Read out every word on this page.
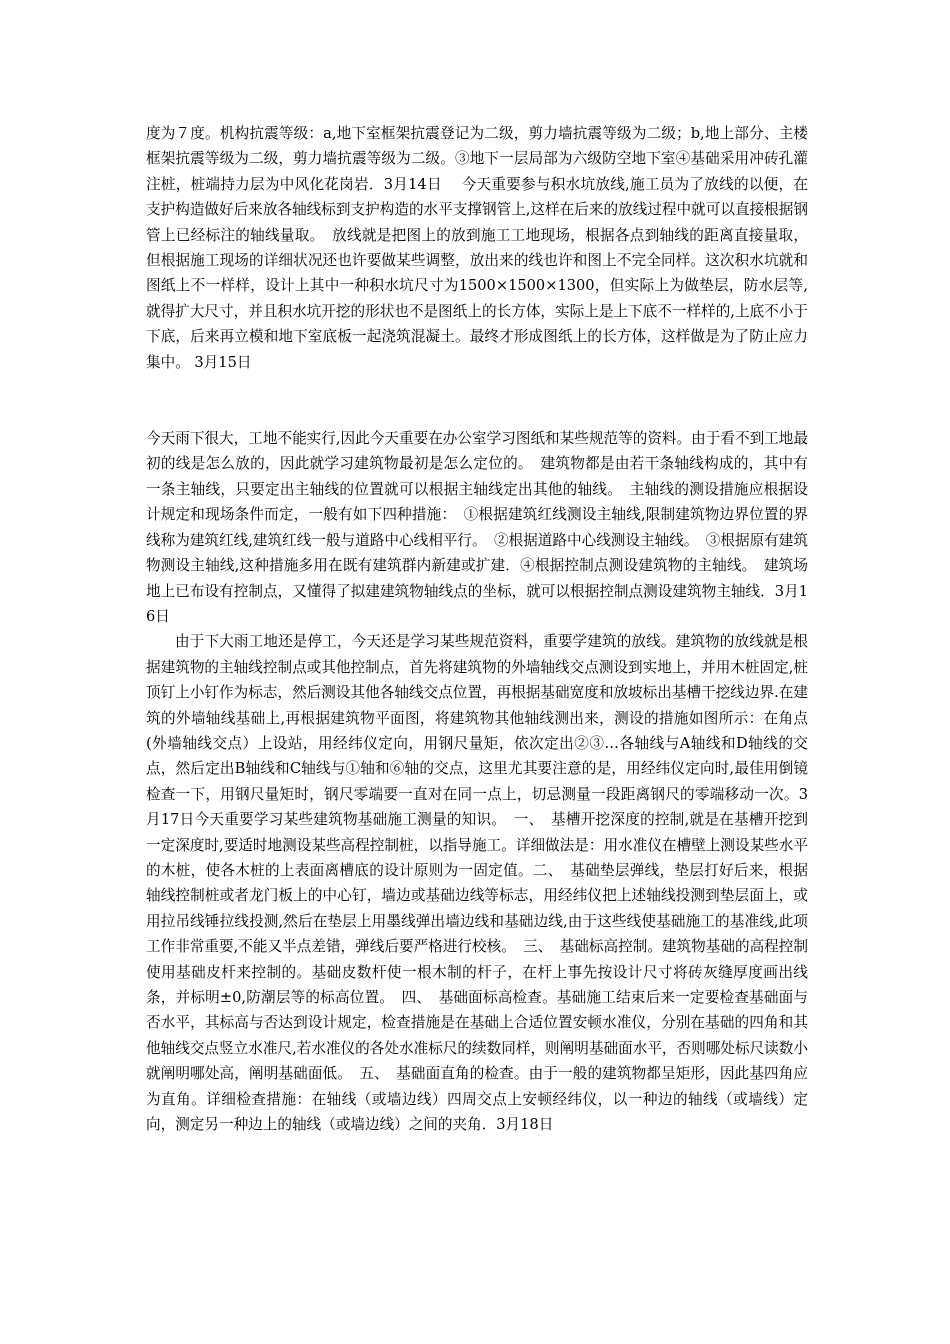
度为７度。机构抗震等级：a,地下室框架抗震登记为二级，剪力墙抗震等级为二级；b,地上部分、主楼框架抗震等级为二级，剪力墙抗震等级为二级。③地下一层局部为六级防空地下室④基础采用冲砖孔灌注桩，桩端持力层为中风化花岗岩．3月14日　 今天重要参与积水坑放线,施工员为了放线的以便，在支护构造做好后来放各轴线标到支护构造的水平支撑钢管上,这样在后来的放线过程中就可以直接根据钢管上已经标注的轴线量取。　放线就是把图上的放到施工工地现场，根据各点到轴线的距离直接量取，但根据施工现场的详细状况还也许要做某些调整，放出来的线也许和图上不完全同样。这次积水坑就和图纸上不一样样，设计上其中一种积水坑尺寸为1500×1500×1300，但实际上为做垫层，防水层等,就得扩大尺寸，并且积水坑开挖的形状也不是图纸上的长方体，实际上是上下底不一样样的,上底不小于下底，后来再立模和地下室底板一起浇筑混凝土。最终才形成图纸上的长方体，这样做是为了防止应力集中。 3月15日

今天雨下很大，工地不能实行,因此今天重要在办公室学习图纸和某些规范等的资料。由于看不到工地最初的线是怎么放的，因此就学习建筑物最初是怎么定位的。　建筑物都是由若干条轴线构成的，其中有一条主轴线，只要定出主轴线的位置就可以根据主轴线定出其他的轴线。　主轴线的测设措施应根据设计规定和现场条件而定，一般有如下四种措施：　①根据建筑红线测设主轴线,限制建筑物边界位置的界线称为建筑红线,建筑红线一般与道路中心线相平行。　②根据道路中心线测设主轴线。　③根据原有建筑物测设主轴线,这种措施多用在既有建筑群内新建或扩建．④根据控制点测设建筑物的主轴线。　建筑场地上已布设有控制点，又懂得了拟建建筑物轴线点的坐标，就可以根据控制点测设建筑物主轴线．3月16日

由于下大雨工地还是停工，今天还是学习某些规范资料，重要学建筑的放线。建筑物的放线就是根据建筑物的主轴线控制点或其他控制点，首先将建筑物的外墙轴线交点测设到实地上，并用木桩固定,桩顶钉上小钉作为标志，然后测设其他各轴线交点位置，再根据基础宽度和放坡标出基槽干挖线边界.在建筑的外墙轴线基础上,再根据建筑物平面图，将建筑物其他轴线测出来，测设的措施如图所示：在角点(外墙轴线交点）上设站，用经纬仪定向，用钢尺量矩，依次定出②③…各轴线与A轴线和D轴线的交点，然后定出B轴线和C轴线与①轴和⑥轴的交点，这里尤其要注意的是，用经纬仪定向时,最佳用倒镜检查一下，用钢尺量矩时，钢尺零端要一直对在同一点上，切忌测量一段距离钢尺的零端移动一次。3月17日今天重要学习某些建筑物基础施工测量的知识。　一、　基槽开挖深度的控制,就是在基槽开挖到一定深度时,要适时地测设某些高程控制桩，以指导施工。详细做法是：用水准仪在槽壁上测设某些水平的木桩，使各木桩的上表面离槽底的设计原则为一固定值。二、　基础垫层弹线，垫层打好后来，根据轴线控制桩或者龙门板上的中心钉，墙边或基础边线等标志，用经纬仪把上述轴线投测到垫层面上，或用拉吊线锤拉线投测,然后在垫层上用墨线弹出墙边线和基础边线,由于这些线使基础施工的基准线,此项工作非常重要,不能又半点差错，弹线后要严格进行校核。　三、　基础标高控制。建筑物基础的高程控制使用基础皮杆来控制的。基础皮数杆使一根木制的杆子，在杆上事先按设计尺寸将砖灰缝厚度画出线条，并标明±0,防潮层等的标高位置。　四、　基础面标高检查。基础施工结束后来一定要检查基础面与否水平，其标高与否达到设计规定，检查措施是在基础上合适位置安顿水准仪，分别在基础的四角和其他轴线交点竖立水准尺,若水准仪的各处水准标尺的续数同样，则阐明基础面水平，否则哪处标尺读数小就阐明哪处高，阐明基础面低。　五、　基础面直角的检查。由于一般的建筑物都呈矩形，因此基四角应为直角。详细检查措施：在轴线（或墙边线）四周交点上安顿经纬仪，以一种边的轴线（或墙线）定向，测定另一种边上的轴线（或墙边线）之间的夹角．3月18日
